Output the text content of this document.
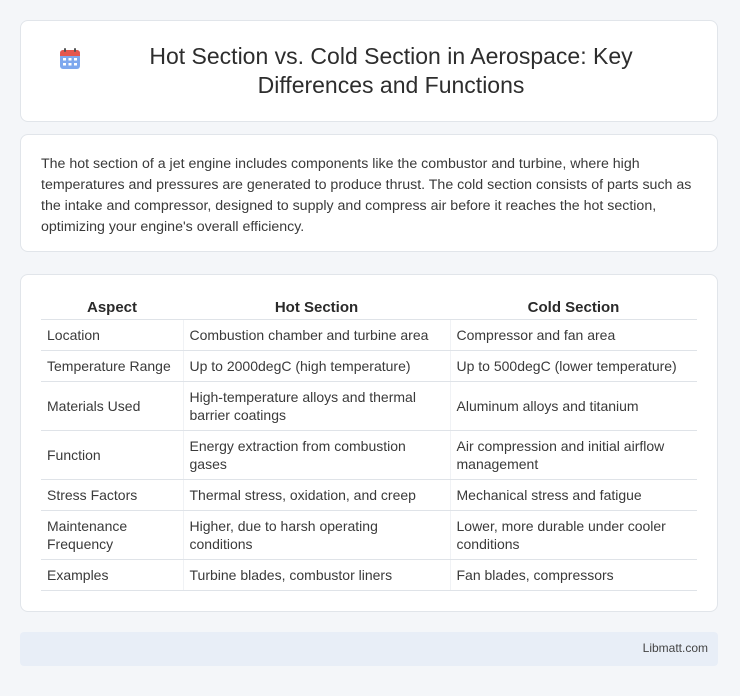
Hot Section vs. Cold Section in Aerospace: Key Differences and Functions

The hot section of a jet engine includes components like the combustor and turbine, where high temperatures and pressures are generated to produce thrust. The cold section consists of parts such as the intake and compressor, designed to supply and compress air before it reaches the hot section, optimizing your engine's overall efficiency.

Aspect	Hot Section	Cold Section
Location	Combustion chamber and turbine area	Compressor and fan area
Temperature Range	Up to 2000degC (high temperature)	Up to 500degC (lower temperature)
Materials Used	High-temperature alloys and thermal barrier coatings	Aluminum alloys and titanium
Function	Energy extraction from combustion gases	Air compression and initial airflow management
Stress Factors	Thermal stress, oxidation, and creep	Mechanical stress and fatigue
Maintenance Frequency	Higher, due to harsh operating conditions	Lower, more durable under cooler conditions
Examples	Turbine blades, combustor liners	Fan blades, compressors
Libmatt.com
